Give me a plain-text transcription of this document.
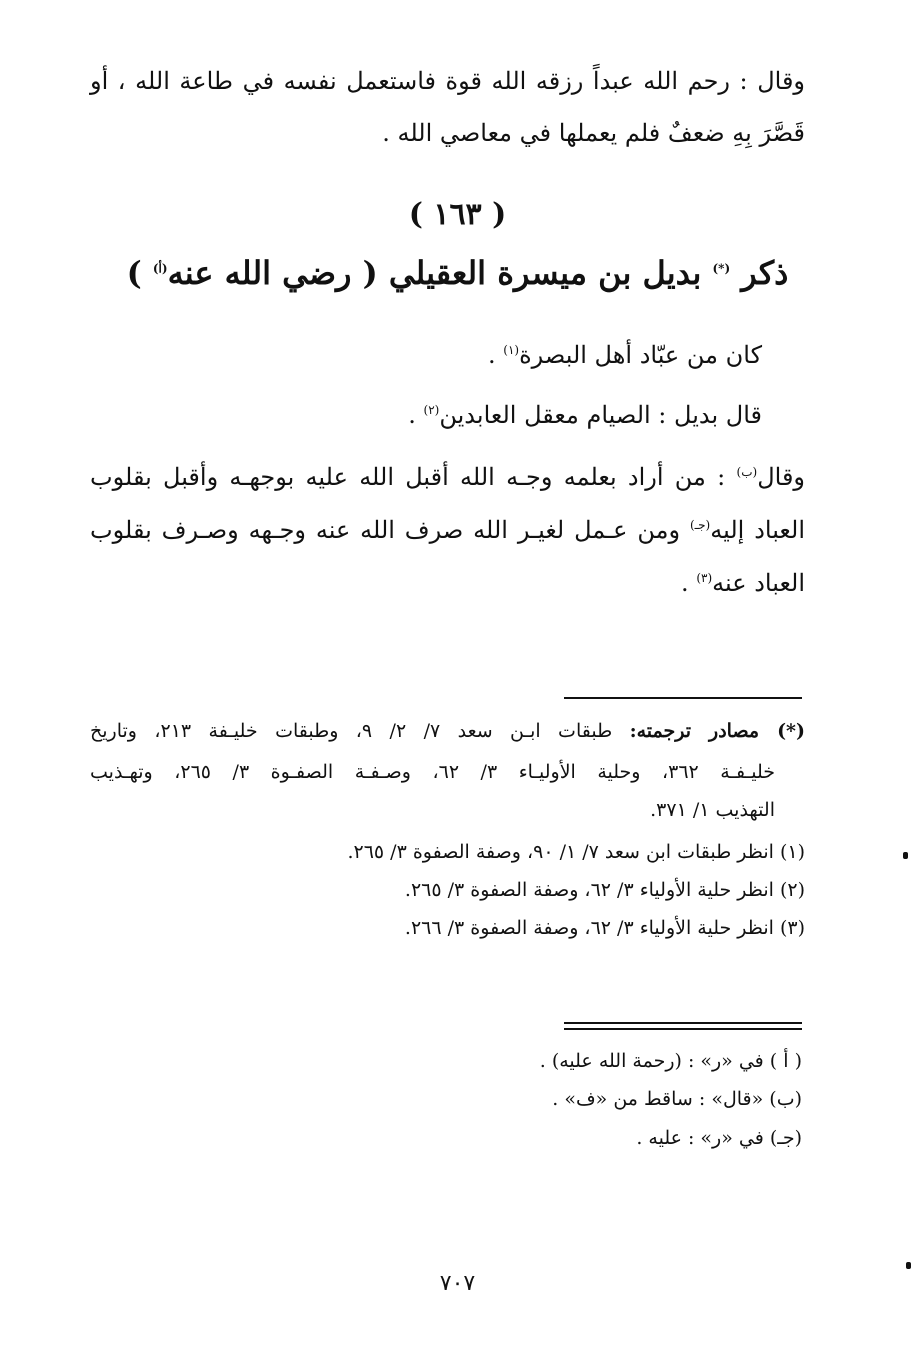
وقال : رحم الله عبداً رزقه الله قوة فاستعمل نفسه في طاعة الله ، أو
قَصَّرَ بِهِ ضعفٌ فلم يعملها في معاصي الله .
( ١٦٣ )
ذكر (*) بديل بن ميسرة العقيلي ( رضي الله عنه$^{(أ)}$ )
كان من عبّاد أهل البصرة$^{(١)}$ .
قال بديل : الصيام معقل العابدين$^{(٢)}$ .
وقال$^{(ب)}$ : من أراد بعلمه وجـه الله أقبل الله عليه بوجهـه وأقبل بقلوب
العباد إليه$^{(جـ)}$ ومن عـمل لغيـر الله صرف الله عنه وجـهه وصـرف بقلوب
العباد عنه$^{(٣)}$ .
(*) مصادر ترجمته: طبقات ابـن سعد ٧/ ٢/ ٩، وطبقات خليـفة ٢١٣، وتاريخ
خليـفـة ٣٦٢، وحلية الأوليـاء ٣/ ٦٢، وصـفـة الصفـوة ٣/ ٢٦٥، وتهـذيب
التهذيب ١/ ٣٧١.
(١) انظر طبقات ابن سعد ٧/ ١/ ٩٠، وصفة الصفوة ٣/ ٢٦٥.
(٢) انظر حلية الأولياء ٣/ ٦٢، وصفة الصفوة ٣/ ٢٦٥.
(٣) انظر حلية الأولياء ٣/ ٦٢، وصفة الصفوة ٣/ ٢٦٦.
( أ ) في «ر» : (رحمة الله عليه) .
(ب) «قال» : ساقط من «ف» .
(جـ) في «ر» : عليه .
٧٠٧
